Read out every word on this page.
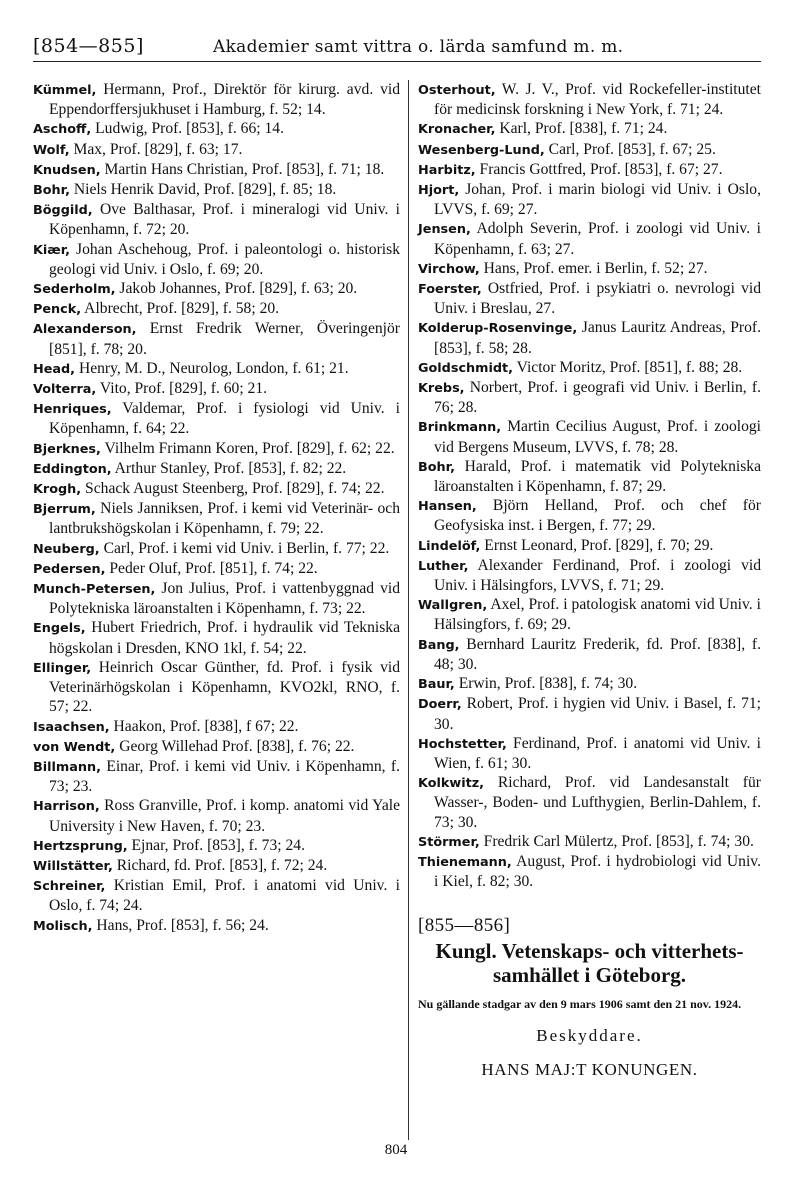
[854—855]	Akademier samt vittra o. lärda samfund m. m.
Kümmel, Hermann, Prof., Direktör för kirurg. avd. vid Eppendorffersjukhuset i Hamburg, f. 52; 14.
Aschoff, Ludwig, Prof. [853], f. 66; 14.
Wolf, Max, Prof. [829], f. 63; 17.
Knudsen, Martin Hans Christian, Prof. [853], f. 71; 18.
Bohr, Niels Henrik David, Prof. [829], f. 85; 18.
Böggild, Ove Balthasar, Prof. i mineralogi vid Univ. i Köpenhamn, f. 72; 20.
Kiær, Johan Aschehoug, Prof. i paleontologi o. historisk geologi vid Univ. i Oslo, f. 69; 20.
Sederholm, Jakob Johannes, Prof. [829], f. 63; 20.
Penck, Albrecht, Prof. [829], f. 58; 20.
Alexanderson, Ernst Fredrik Werner, Överingenjör [851], f. 78; 20.
Head, Henry, M. D., Neurolog, London, f. 61; 21.
Volterra, Vito, Prof. [829], f. 60; 21.
Henriques, Valdemar, Prof. i fysiologi vid Univ. i Köpenhamn, f. 64; 22.
Bjerknes, Vilhelm Frimann Koren, Prof. [829], f. 62; 22.
Eddington, Arthur Stanley, Prof. [853], f. 82; 22.
Krogh, Schack August Steenberg, Prof. [829], f. 74; 22.
Bjerrum, Niels Janniksen, Prof. i kemi vid Veterinär- och lantbrukshögskolan i Köpenhamn, f. 79; 22.
Neuberg, Carl, Prof. i kemi vid Univ. i Berlin, f. 77; 22.
Pedersen, Peder Oluf, Prof. [851], f. 74; 22.
Munch-Petersen, Jon Julius, Prof. i vattenbyggnad vid Polytekniska läroanstalten i Köpenhamn, f. 73; 22.
Engels, Hubert Friedrich, Prof. i hydraulik vid Tekniska högskolan i Dresden, KNO 1kl, f. 54; 22.
Ellinger, Heinrich Oscar Günther, fd. Prof. i fysik vid Veterinärhögskolan i Köpenhamn, KVO2kl, RNO, f. 57; 22.
Isaachsen, Haakon, Prof. [838], f 67; 22.
von Wendt, Georg Willehad Prof. [838], f. 76; 22.
Billmann, Einar, Prof. i kemi vid Univ. i Köpenhamn, f. 73; 23.
Harrison, Ross Granville, Prof. i komp. anatomi vid Yale University i New Haven, f. 70; 23.
Hertzsprung, Ejnar, Prof. [853], f. 73; 24.
Willstätter, Richard, fd. Prof. [853], f. 72; 24.
Schreiner, Kristian Emil, Prof. i anatomi vid Univ. i Oslo, f. 74; 24.
Molisch, Hans, Prof. [853], f. 56; 24.
Osterhout, W. J. V., Prof. vid Rockefeller-institutet för medicinsk forskning i New York, f. 71; 24.
Kronacher, Karl, Prof. [838], f. 71; 24.
Wesenberg-Lund, Carl, Prof. [853], f. 67; 25.
Harbitz, Francis Gottfred, Prof. [853], f. 67; 27.
Hjort, Johan, Prof. i marin biologi vid Univ. i Oslo, LVVS, f. 69; 27.
Jensen, Adolph Severin, Prof. i zoologi vid Univ. i Köpenhamn, f. 63; 27.
Virchow, Hans, Prof. emer. i Berlin, f. 52; 27.
Foerster, Ostfried, Prof. i psykiatri o. nevrologi vid Univ. i Breslau, 27.
Kolderup-Rosenvinge, Janus Lauritz Andreas, Prof. [853], f. 58; 28.
Goldschmidt, Victor Moritz, Prof. [851], f. 88; 28.
Krebs, Norbert, Prof. i geografi vid Univ. i Berlin, f. 76; 28.
Brinkmann, Martin Cecilius August, Prof. i zoologi vid Bergens Museum, LVVS, f. 78; 28.
Bohr, Harald, Prof. i matematik vid Polytekniska läroanstalten i Köpenhamn, f. 87; 29.
Hansen, Björn Helland, Prof. och chef för Geofysiska inst. i Bergen, f. 77; 29.
Lindelöf, Ernst Leonard, Prof. [829], f. 70; 29.
Luther, Alexander Ferdinand, Prof. i zoologi vid Univ. i Hälsingfors, LVVS, f. 71; 29.
Wallgren, Axel, Prof. i patologisk anatomi vid Univ. i Hälsingfors, f. 69; 29.
Bang, Bernhard Lauritz Frederik, fd. Prof. [838], f. 48; 30.
Baur, Erwin, Prof. [838], f. 74; 30.
Doerr, Robert, Prof. i hygien vid Univ. i Basel, f. 71; 30.
Hochstetter, Ferdinand, Prof. i anatomi vid Univ. i Wien, f. 61; 30.
Kolkwitz, Richard, Prof. vid Landesanstalt für Wasser-, Boden- und Lufthygien, Berlin-Dahlem, f. 73; 30.
Störmer, Fredrik Carl Mülertz, Prof. [853], f. 74; 30.
Thienemann, August, Prof. i hydrobiologi vid Univ. i Kiel, f. 82; 30.
[855—856]
Kungl. Vetenskaps- och vitterhets-
samhället i Göteborg.
Nu gällande stadgar av den 9 mars 1906 samt den 21 nov. 1924.
Beskyddare.
HANS MAJ:T KONUNGEN.
804
